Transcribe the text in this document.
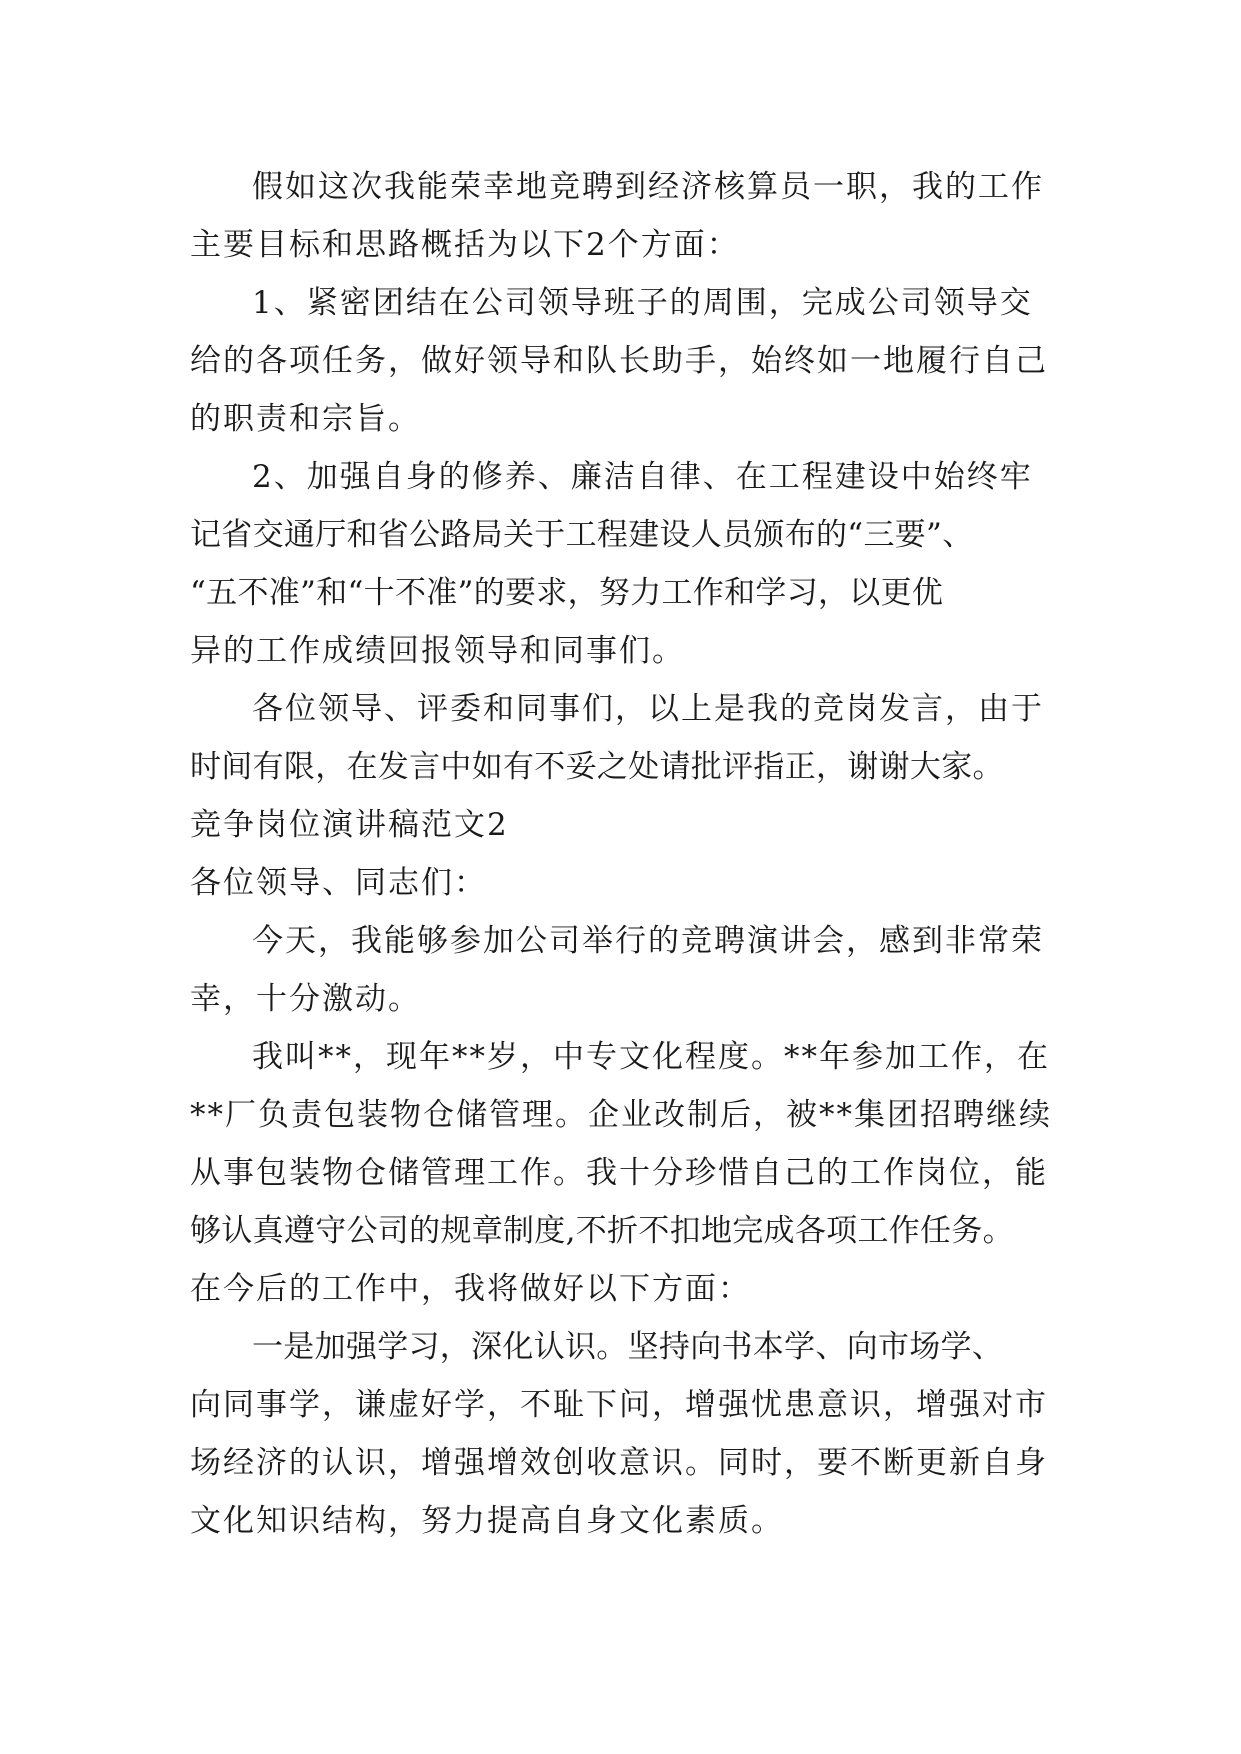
假如这次我能荣幸地竞聘到经济核算员一职，我的工作

主要目标和思路概括为以下2个方面：

1、紧密团结在公司领导班子的周围，完成公司领导交

给的各项任务，做好领导和队长助手，始终如一地履行自己

的职责和宗旨。

2、加强自身的修养、廉洁自律、在工程建设中始终牢

记省交通厅和省公路局关于工程建设人员颁布的“三要”、

“五不准”和“十不准”的要求，努力工作和学习，以更优

异的工作成绩回报领导和同事们。

各位领导、评委和同事们，以上是我的竞岗发言，由于

时间有限，在发言中如有不妥之处请批评指正，谢谢大家。

竞争岗位演讲稿范文2

各位领导、同志们：

今天，我能够参加公司举行的竞聘演讲会，感到非常荣

幸，十分激动。

我叫**，现年**岁，中专文化程度。**年参加工作，在

**厂负责包装物仓储管理。企业改制后，被**集团招聘继续

从事包装物仓储管理工作。我十分珍惜自己的工作岗位，能

够认真遵守公司的规章制度,不折不扣地完成各项工作任务。

在今后的工作中，我将做好以下方面：

一是加强学习，深化认识。坚持向书本学、向市场学、

向同事学，谦虚好学，不耻下问，增强忧患意识，增强对市

场经济的认识，增强增效创收意识。同时，要不断更新自身

文化知识结构，努力提高自身文化素质。
